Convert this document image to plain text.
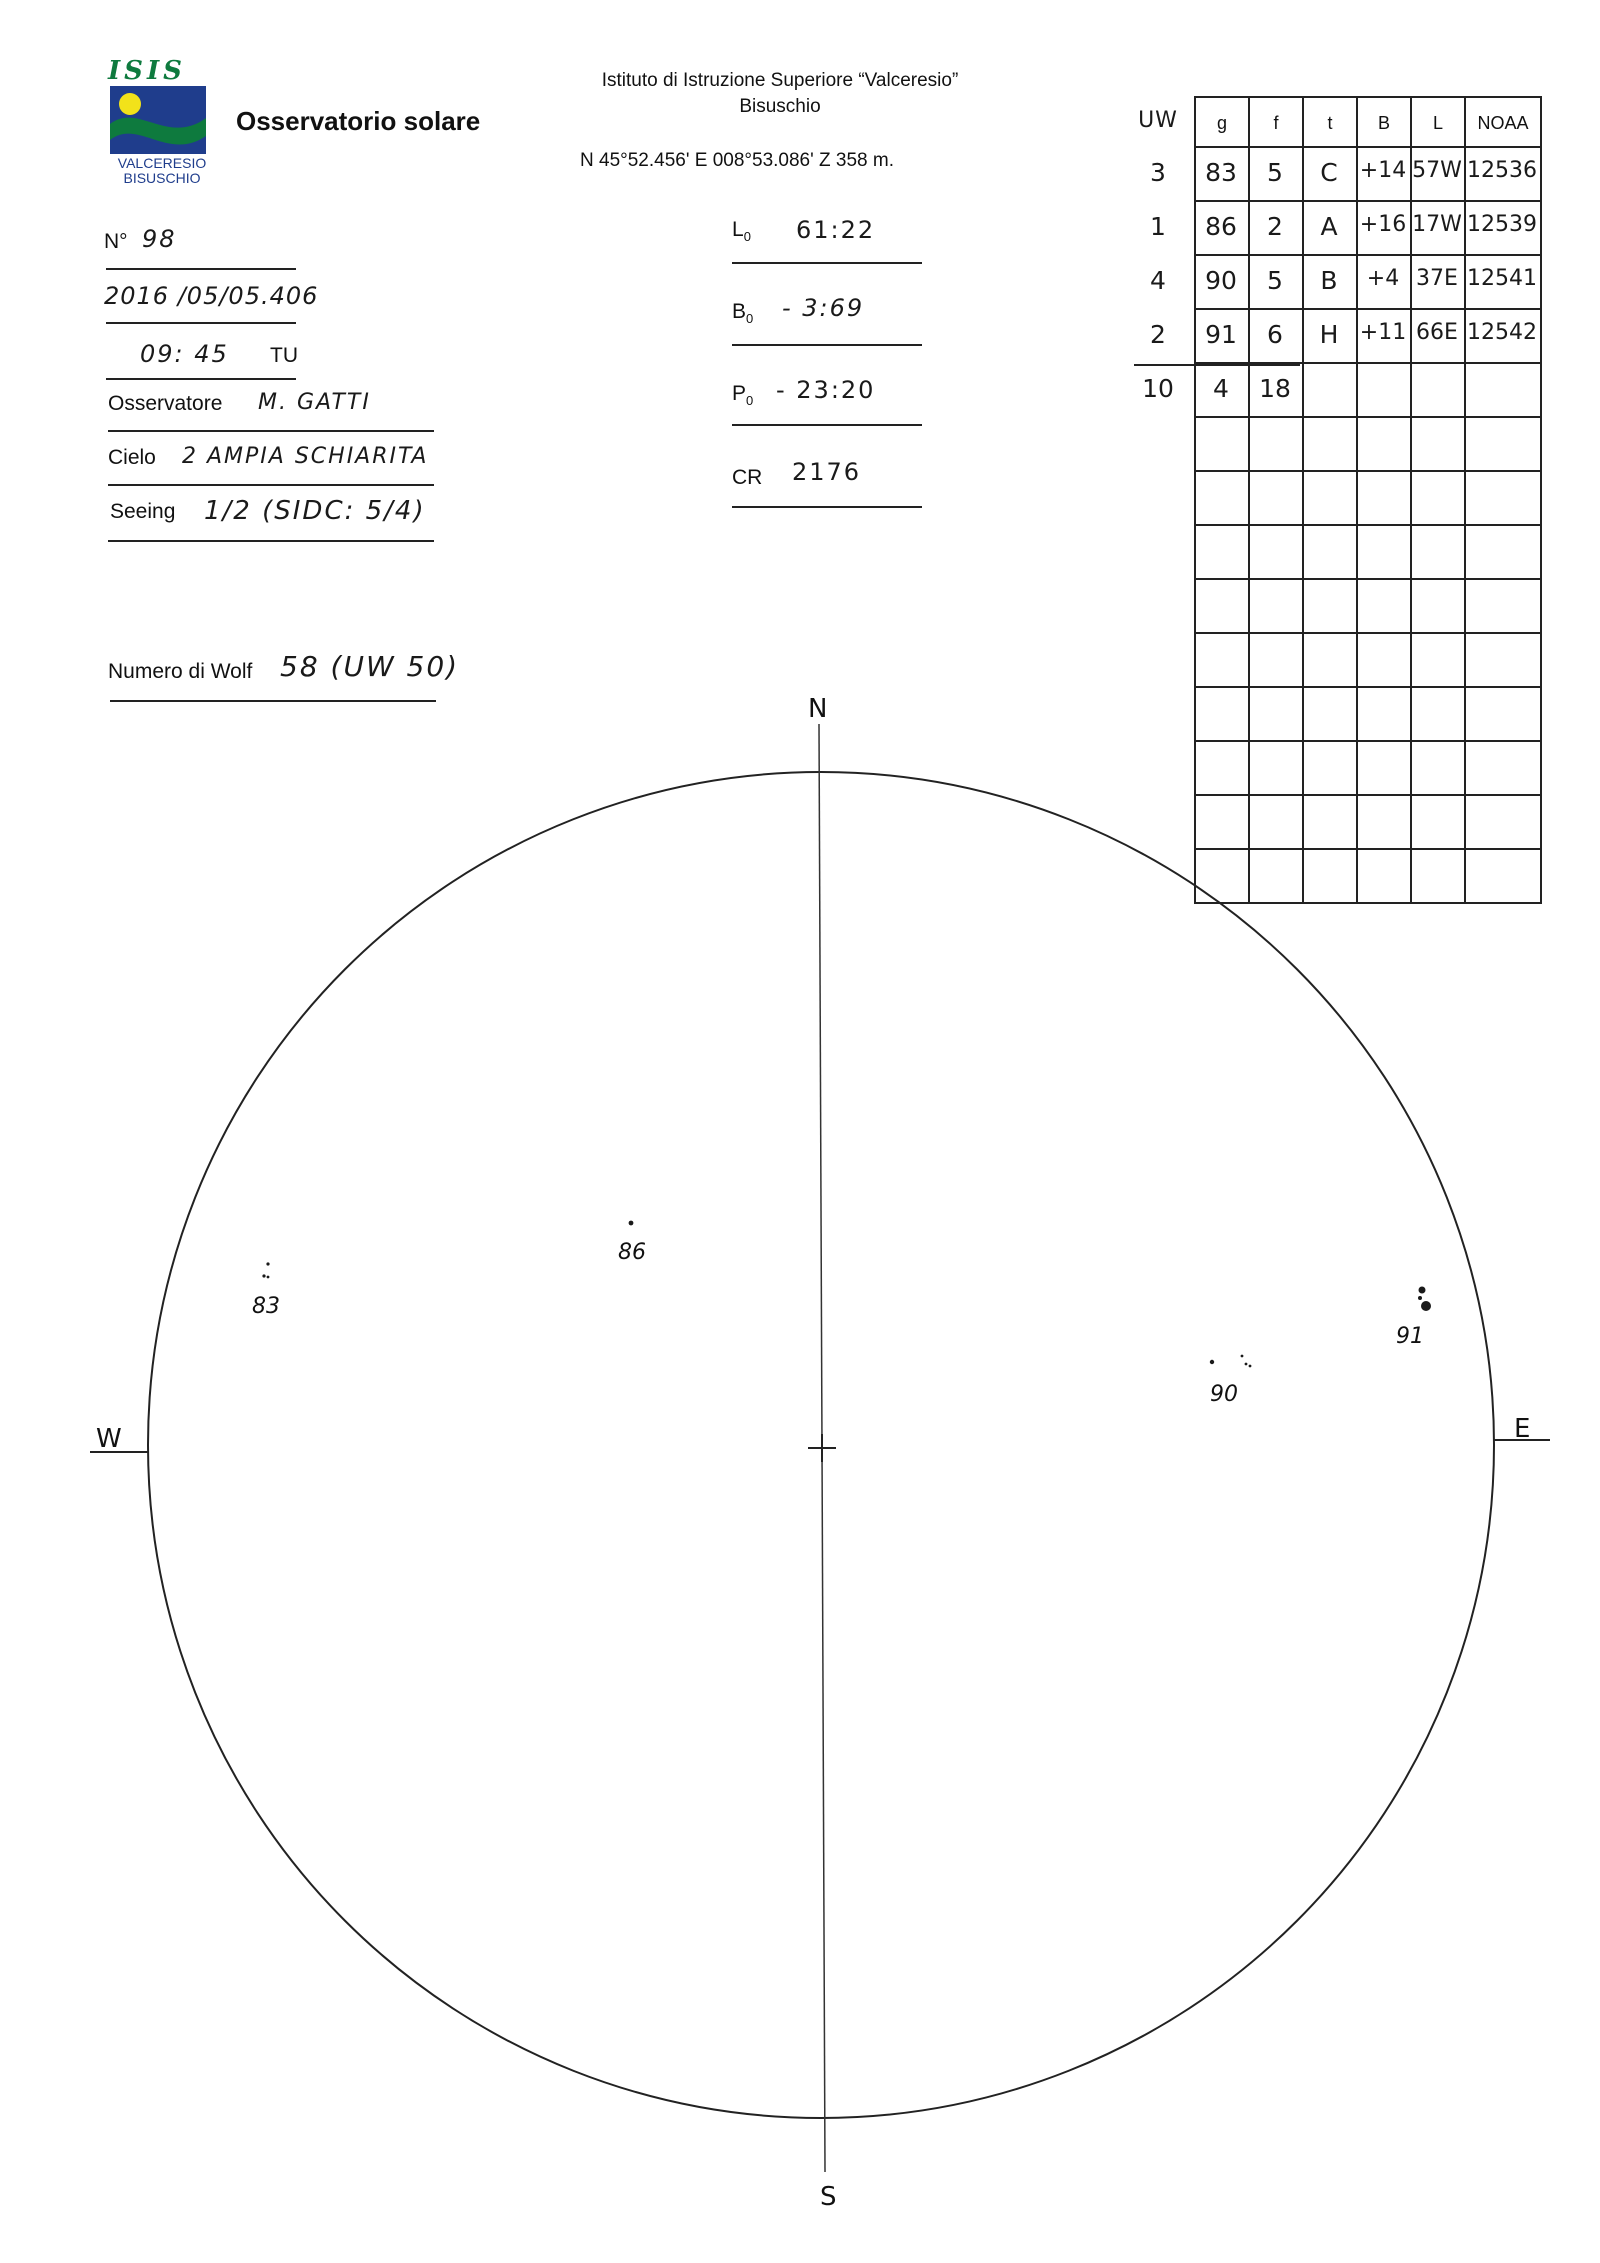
ISIS
VALCERESIO
BISUSCHIO
Osservatorio solare
Istituto di Istruzione Superiore “Valceresio”
Bisuschio
N 45°52.456' E 008°53.086' Z 358 m.
N° 98
2016 /05/05.406
09: 45 TU
Osservatore M. GATTI
Cielo 2 AMPIA SCHIARITA
Seeing 1/2 (SIDC: 5/4)
Numero di Wolf 58 (UW 50)
$L_0$ 61:22
$B_0$ - 3:69
$P_0$ - 23:20
CR 2176
g	f	t	B	L	NOAA
UW
3	83	5	C	+14 57W 12536
1	86	2	A	+16 17W 12539
4	90	5	B	+4 37E 12541
2	91	6	H +11 66E 12542
10	4	18
N
S
W	E
83
86
90
91
